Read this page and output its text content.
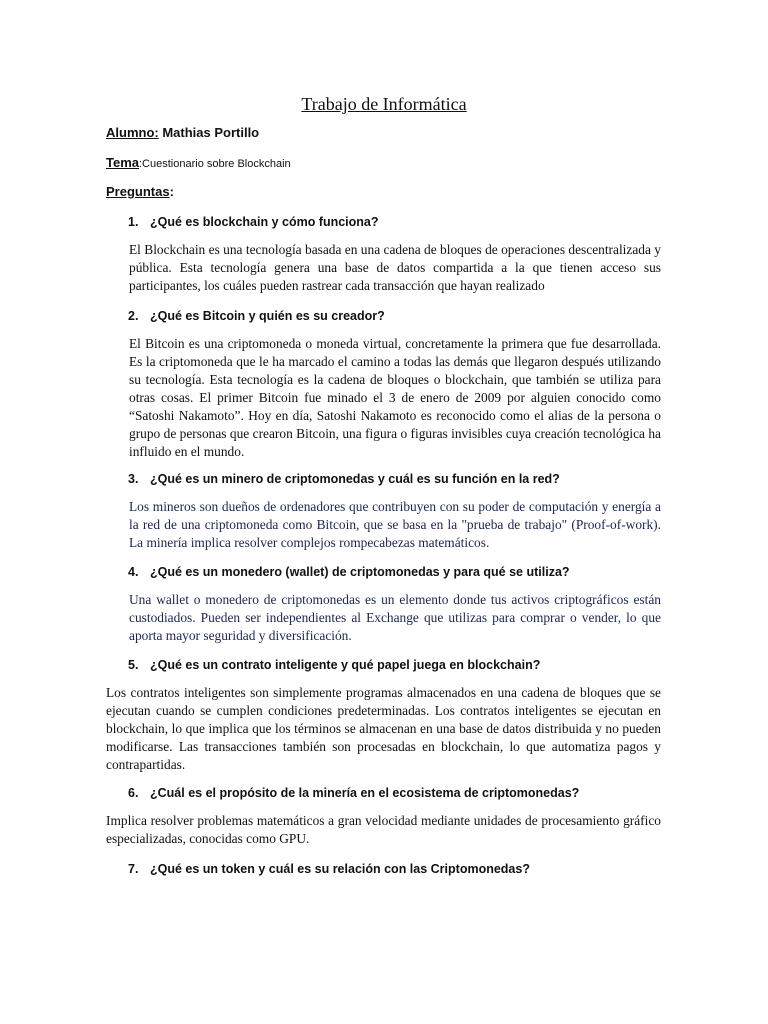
Trabajo de Informática
Alumno: Mathias Portillo
Tema:Cuestionario sobre Blockchain
Preguntas:
1. ¿Qué es blockchain y cómo funciona?
El Blockchain es una tecnología basada en una cadena de bloques de operaciones descentralizada y pública. Esta tecnología genera una base de datos compartida a la que tienen acceso sus participantes, los cuáles pueden rastrear cada transacción que hayan realizado
2. ¿Qué es Bitcoin y quién es su creador?
El Bitcoin es una criptomoneda o moneda virtual, concretamente la primera que fue desarrollada. Es la criptomoneda que le ha marcado el camino a todas las demás que llegaron después utilizando su tecnología. Esta tecnología es la cadena de bloques o blockchain, que también se utiliza para otras cosas. El primer Bitcoin fue minado el 3 de enero de 2009 por alguien conocido como “Satoshi Nakamoto”. Hoy en día, Satoshi Nakamoto es reconocido como el alias de la persona o grupo de personas que crearon Bitcoin, una figura o figuras invisibles cuya creación tecnológica ha influido en el mundo.
3. ¿Qué es un minero de criptomonedas y cuál es su función en la red?
Los mineros son dueños de ordenadores que contribuyen con su poder de computación y energía a la red de una criptomoneda como Bitcoin, que se basa en la "prueba de trabajo" (Proof-of-work). La minería implica resolver complejos rompecabezas matemáticos.
4. ¿Qué es un monedero (wallet) de criptomonedas y para qué se utiliza?
Una wallet o monedero de criptomonedas es un elemento donde tus activos criptográficos están custodiados. Pueden ser independientes al Exchange que utilizas para comprar o vender, lo que aporta mayor seguridad y diversificación.
5. ¿Qué es un contrato inteligente y qué papel juega en blockchain?
Los contratos inteligentes son simplemente programas almacenados en una cadena de bloques que se ejecutan cuando se cumplen condiciones predeterminadas. Los contratos inteligentes se ejecutan en blockchain, lo que implica que los términos se almacenan en una base de datos distribuida y no pueden modificarse. Las transacciones también son procesadas en blockchain, lo que automatiza pagos y contrapartidas.
6. ¿Cuál es el propósito de la minería en el ecosistema de criptomonedas?
Implica resolver problemas matemáticos a gran velocidad mediante unidades de procesamiento gráfico especializadas, conocidas como GPU.
7. ¿Qué es un token y cuál es su relación con las Criptomonedas?
